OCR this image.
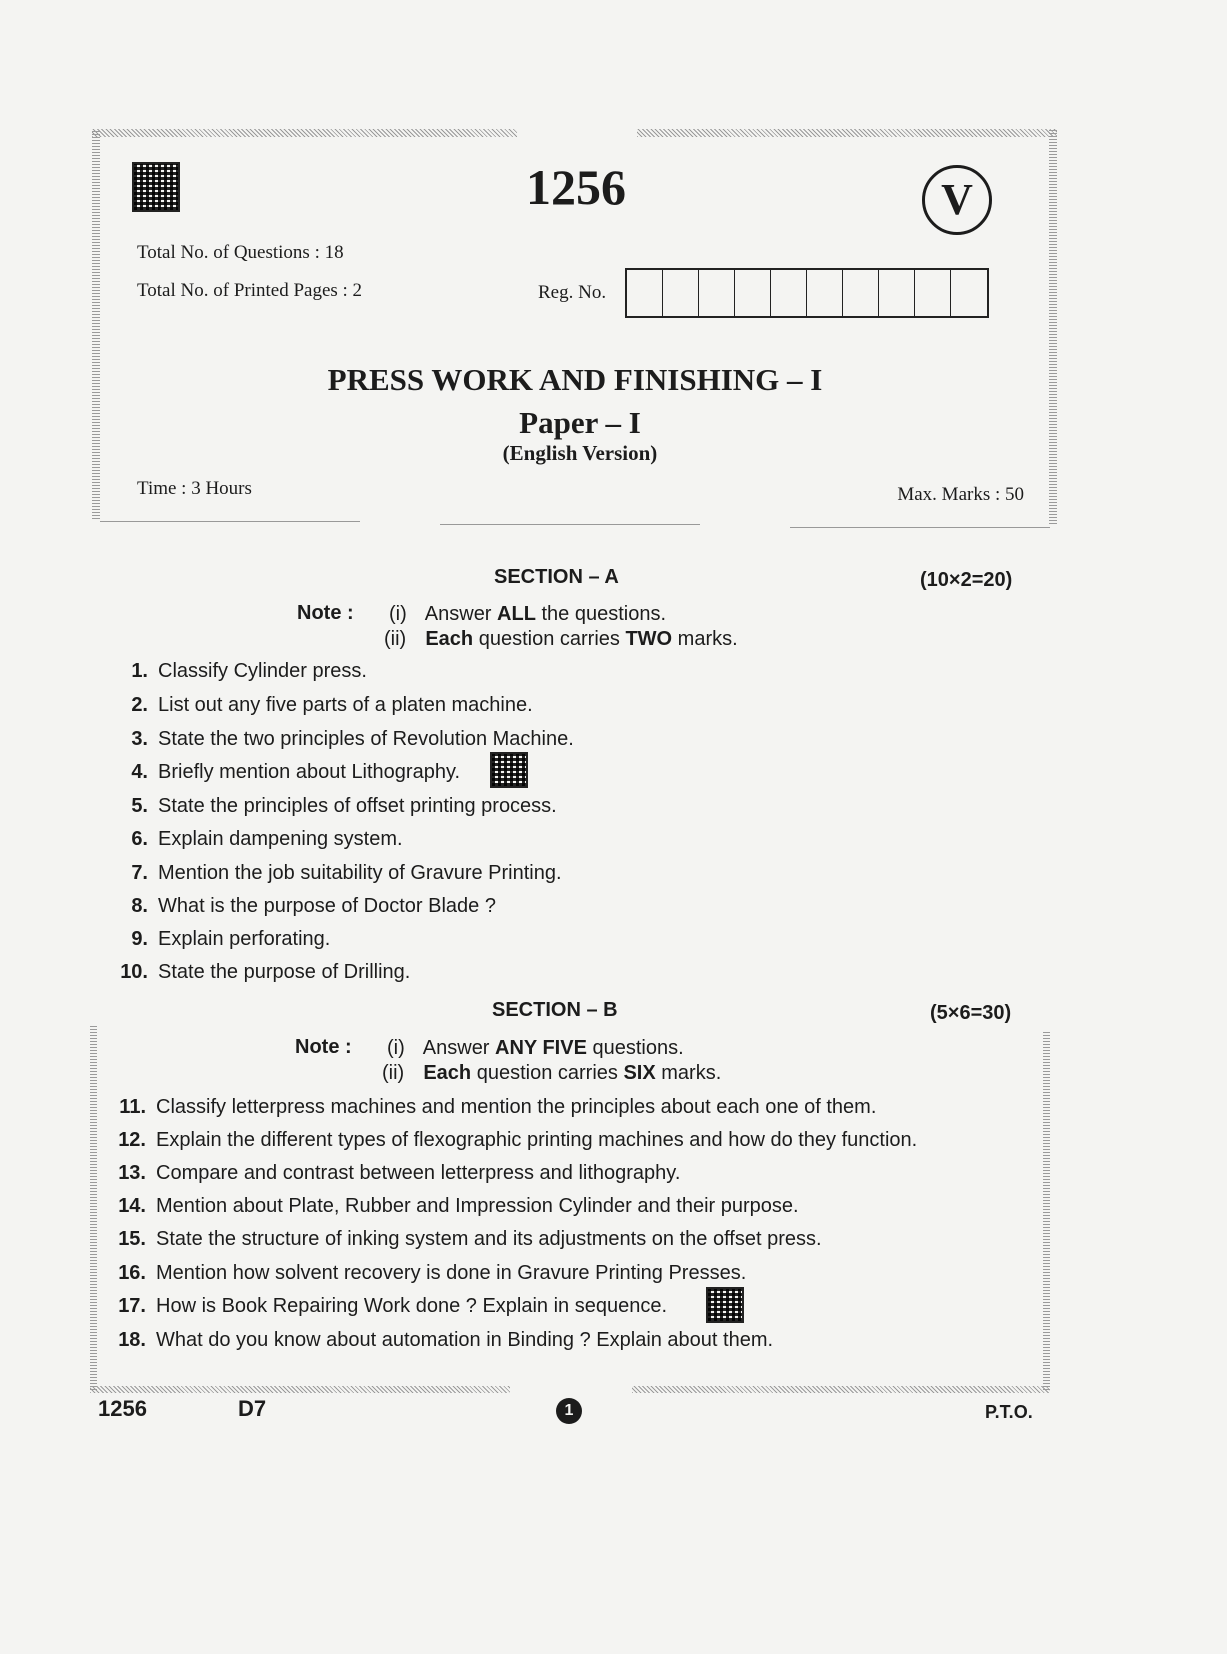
1256	V
Total No. of Questions : 18
Total No. of Printed Pages : 2	Reg. No.
PRESS WORK AND FINISHING – I
Paper – I
(English Version)
Time : 3 Hours	Max. Marks : 50
SECTION – A	(10×2=20)
Note : (i) Answer ALL the questions.
(ii) Each question carries TWO marks.
1. Classify Cylinder press.
2. List out any five parts of a platen machine.
3. State the two principles of Revolution Machine.
4. Briefly mention about Lithography.
5. State the principles of offset printing process.
6. Explain dampening system.
7. Mention the job suitability of Gravure Printing.
8. What is the purpose of Doctor Blade ?
9. Explain perforating.
10. State the purpose of Drilling.
SECTION – B	(5×6=30)
Note : (i) Answer ANY FIVE questions.
(ii) Each question carries SIX marks.
11. Classify letterpress machines and mention the principles about each one of them.
12. Explain the different types of flexographic printing machines and how do they function.
13. Compare and contrast between letterpress and lithography.
14. Mention about Plate, Rubber and Impression Cylinder and their purpose.
15. State the structure of inking system and its adjustments on the offset press.
16. Mention how solvent recovery is done in Gravure Printing Presses.
17. How is Book Repairing Work done ? Explain in sequence.
18. What do you know about automation in Binding ? Explain about them.
1256	D7	1	P.T.O.
